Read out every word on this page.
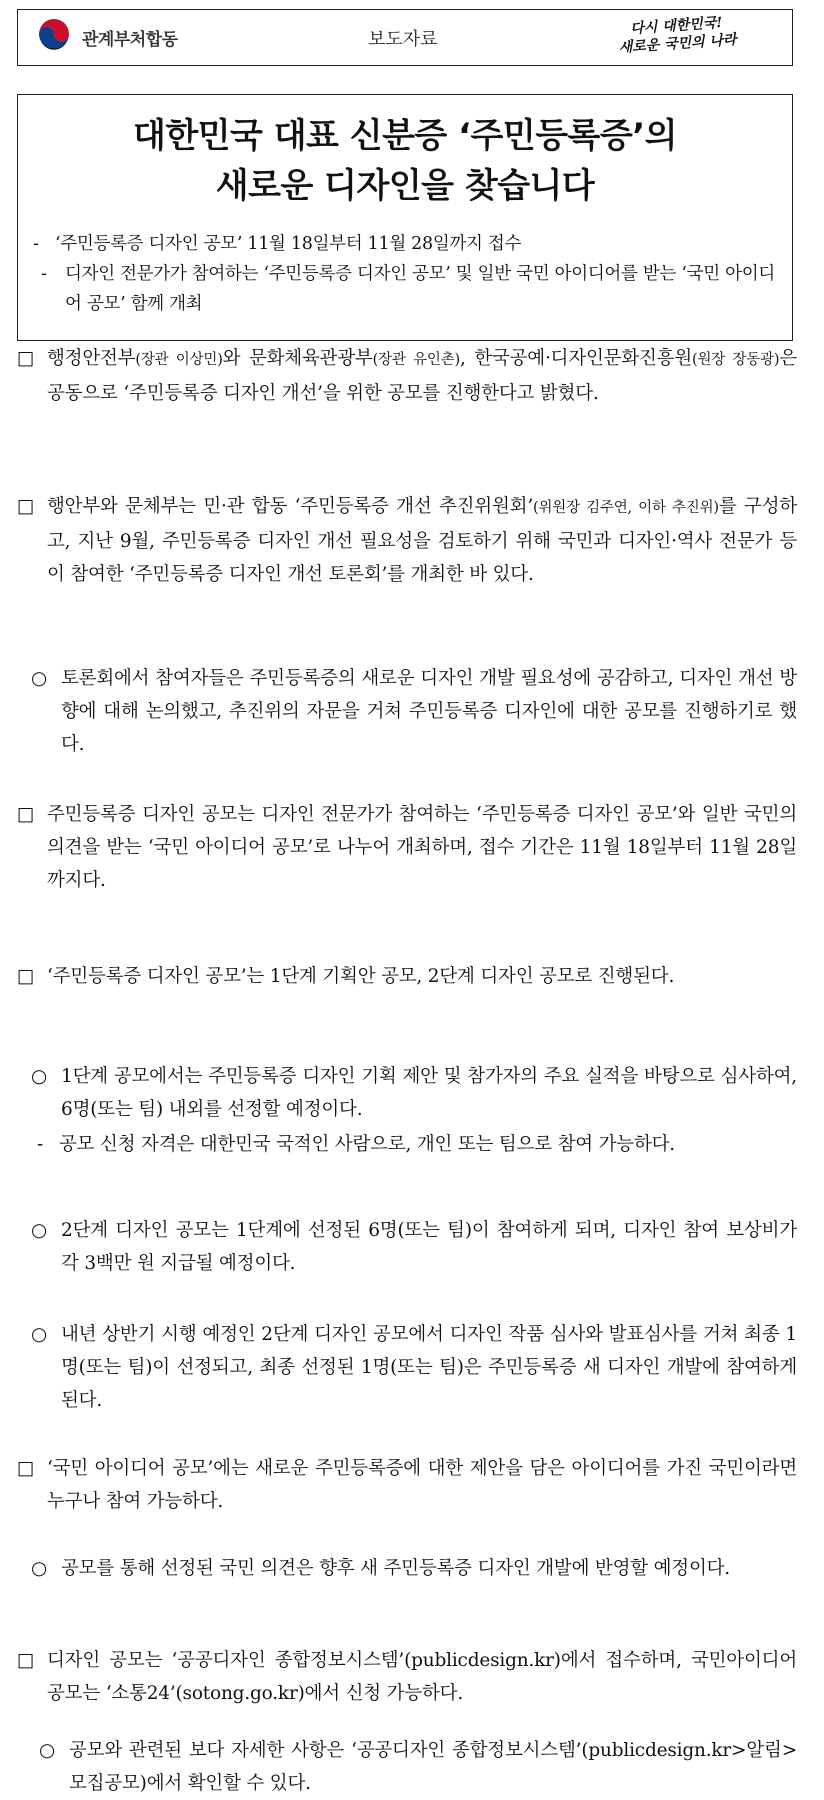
관계부처합동	보도자료
다시 대한민국!
새로운 국민의 나라
대한민국 대표 신분증 ‘주민등록증’의
새로운 디자인을 찾습니다
- ‘주민등록증 디자인 공모’ 11월 18일부터 11월 28일까지 접수
- 디자인 전문가가 참여하는 ‘주민등록증 디자인 공모’ 및 일반 국민 아이디어를 받는 ‘국민 아이디어 공모’ 함께 개최
□ 행정안전부(장관 이상민)와 문화체육관광부(장관 유인촌), 한국공예·디자인문화진흥원(원장 장동광)은 공동으로 ‘주민등록증 디자인 개선’을 위한 공모를 진행한다고 밝혔다.
□ 행안부와 문체부는 민·관 합동 ‘주민등록증 개선 추진위원회’(위원장 김주연, 이하 추진위)를 구성하고, 지난 9월, 주민등록증 디자인 개선 필요성을 검토하기 위해 국민과 디자인·역사 전문가 등이 참여한 ‘주민등록증 디자인 개선 토론회’를 개최한 바 있다.
○ 토론회에서 참여자들은 주민등록증의 새로운 디자인 개발 필요성에 공감하고, 디자인 개선 방향에 대해 논의했고, 추진위의 자문을 거쳐 주민등록증 디자인에 대한 공모를 진행하기로 했다.
□ 주민등록증 디자인 공모는 디자인 전문가가 참여하는 ‘주민등록증 디자인 공모’와 일반 국민의 의견을 받는 ‘국민 아이디어 공모’로 나누어 개최하며, 접수 기간은 11월 18일부터 11월 28일까지다.
□ ‘주민등록증 디자인 공모’는 1단계 기획안 공모, 2단계 디자인 공모로 진행된다.
○ 1단계 공모에서는 주민등록증 디자인 기획 제안 및 참가자의 주요 실적을 바탕으로 심사하여, 6명(또는 팀) 내외를 선정할 예정이다.
- 공모 신청 자격은 대한민국 국적인 사람으로, 개인 또는 팀으로 참여 가능하다.
○ 2단계 디자인 공모는 1단계에 선정된 6명(또는 팀)이 참여하게 되며, 디자인 참여 보상비가 각 3백만 원 지급될 예정이다.
○ 내년 상반기 시행 예정인 2단계 디자인 공모에서 디자인 작품 심사와 발표심사를 거쳐 최종 1명(또는 팀)이 선정되고, 최종 선정된 1명(또는 팀)은 주민등록증 새 디자인 개발에 참여하게 된다.
□ ‘국민 아이디어 공모’에는 새로운 주민등록증에 대한 제안을 담은 아이디어를 가진 국민이라면 누구나 참여 가능하다.
○ 공모를 통해 선정된 국민 의견은 향후 새 주민등록증 디자인 개발에 반영할 예정이다.
□ 디자인 공모는 ‘공공디자인 종합정보시스템’(publicdesign.kr)에서 접수하며, 국민아이디어 공모는 ‘소통24’(sotong.go.kr)에서 신청 가능하다.
○ 공모와 관련된 보다 자세한 사항은 ‘공공디자인 종합정보시스템’(publicdesign.kr>알림>모집공모)에서 확인할 수 있다.
